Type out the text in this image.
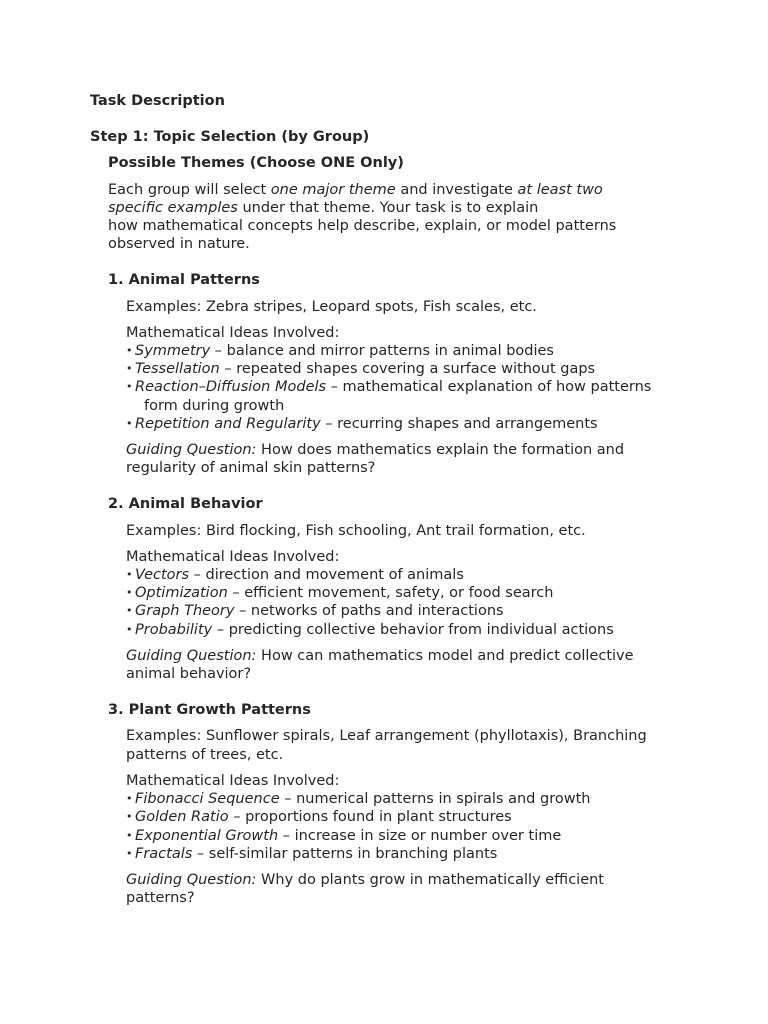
Task Description

Step 1: Topic Selection (by Group)

Possible Themes (Choose ONE Only)

Each group will select one major theme and investigate at least two
specific examples under that theme. Your task is to explain
how mathematical concepts help describe, explain, or model patterns
observed in nature.

1. Animal Patterns

Examples: Zebra stripes, Leopard spots, Fish scales, etc.

Mathematical Ideas Involved:

• Symmetry – balance and mirror patterns in animal bodies
• Tessellation – repeated shapes covering a surface without gaps
• Reaction–Diffusion Models – mathematical explanation of how patterns
form during growth
• Repetition and Regularity – recurring shapes and arrangements

Guiding Question: How does mathematics explain the formation and
regularity of animal skin patterns?

2. Animal Behavior

Examples: Bird flocking, Fish schooling, Ant trail formation, etc.

Mathematical Ideas Involved:

• Vectors – direction and movement of animals
• Optimization – efficient movement, safety, or food search
• Graph Theory – networks of paths and interactions
• Probability – predicting collective behavior from individual actions

Guiding Question: How can mathematics model and predict collective
animal behavior?

3. Plant Growth Patterns

Examples: Sunflower spirals, Leaf arrangement (phyllotaxis), Branching
patterns of trees, etc.

Mathematical Ideas Involved:

• Fibonacci Sequence – numerical patterns in spirals and growth
• Golden Ratio – proportions found in plant structures
• Exponential Growth – increase in size or number over time
• Fractals – self-similar patterns in branching plants

Guiding Question: Why do plants grow in mathematically efficient
patterns?
